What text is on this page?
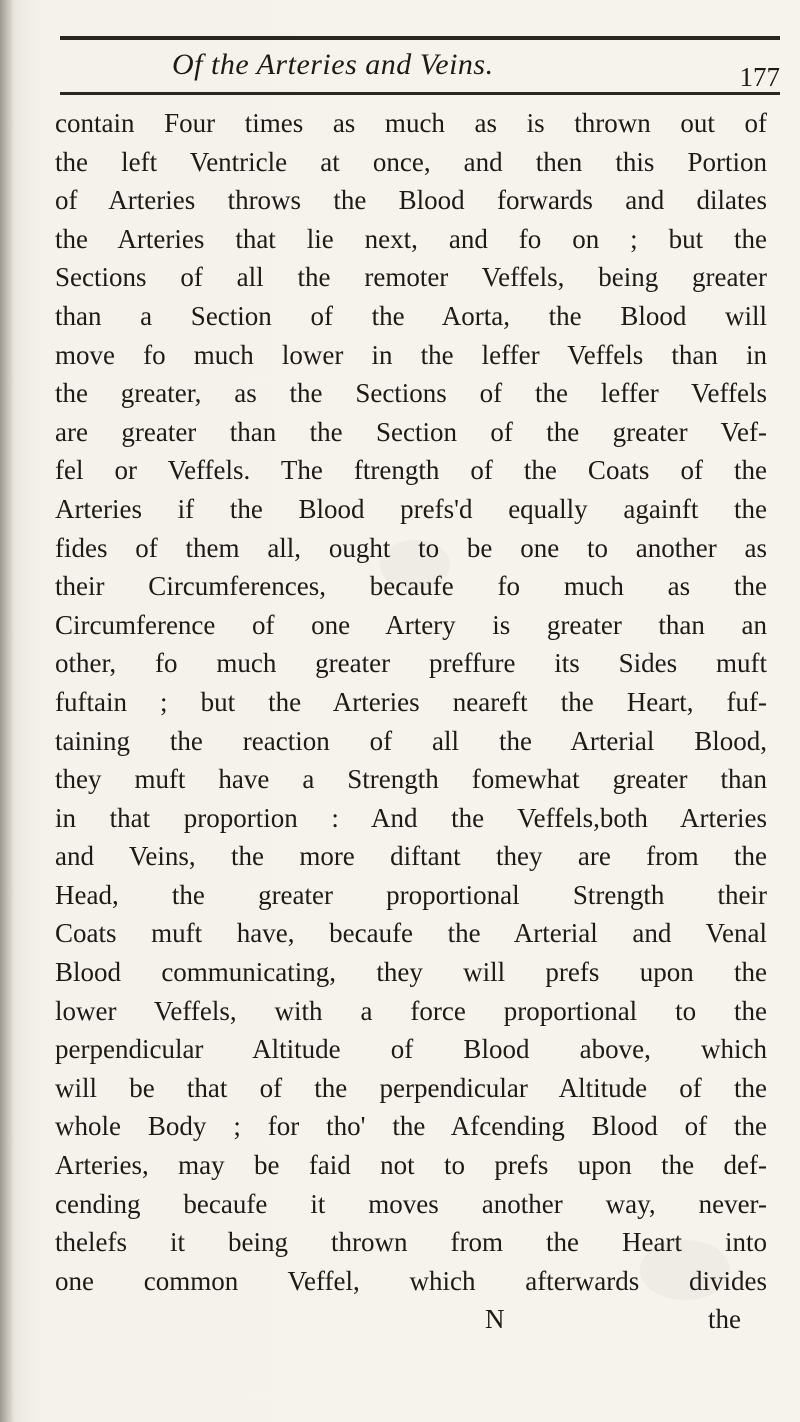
Of the Arteries and Veins.	177
contain Four times as much as is thrown out of
the left Ventricle at once, and then this Portion
of Arteries throws the Blood forwards and dilates
the Arteries that lie next, and fo on ; but the
Sections of all the remoter Veffels, being greater
than a Section of the Aorta, the Blood will
move fo much lower in the leffer Veffels than in
the greater, as the Sections of the leffer Veffels
are greater than the Section of the greater Vef-
fel or Veffels. The ftrength of the Coats of the
Arteries if the Blood prefs'd equally againft the
fides of them all, ought to be one to another as
their Circumferences, becaufe fo much as the
Circumference of one Artery is greater than an
other, fo much greater preffure its Sides muft
fuftain ; but the Arteries neareft the Heart, fuf-
taining the reaction of all the Arterial Blood,
they muft have a Strength fomewhat greater than
in that proportion : And the Veffels,both Arteries
and Veins, the more diftant they are from the
Head, the greater proportional Strength their
Coats muft have, becaufe the Arterial and Venal
Blood communicating, they will prefs upon the
lower Veffels, with a force proportional to the
perpendicular Altitude of Blood above, which
will be that of the perpendicular Altitude of the
whole Body ; for tho' the Afcending Blood of the
Arteries, may be faid not to prefs upon the def-
cending becaufe it moves another way, never-
thelefs it being thrown from the Heart into
one common Veffel, which afterwards divides
N	the
